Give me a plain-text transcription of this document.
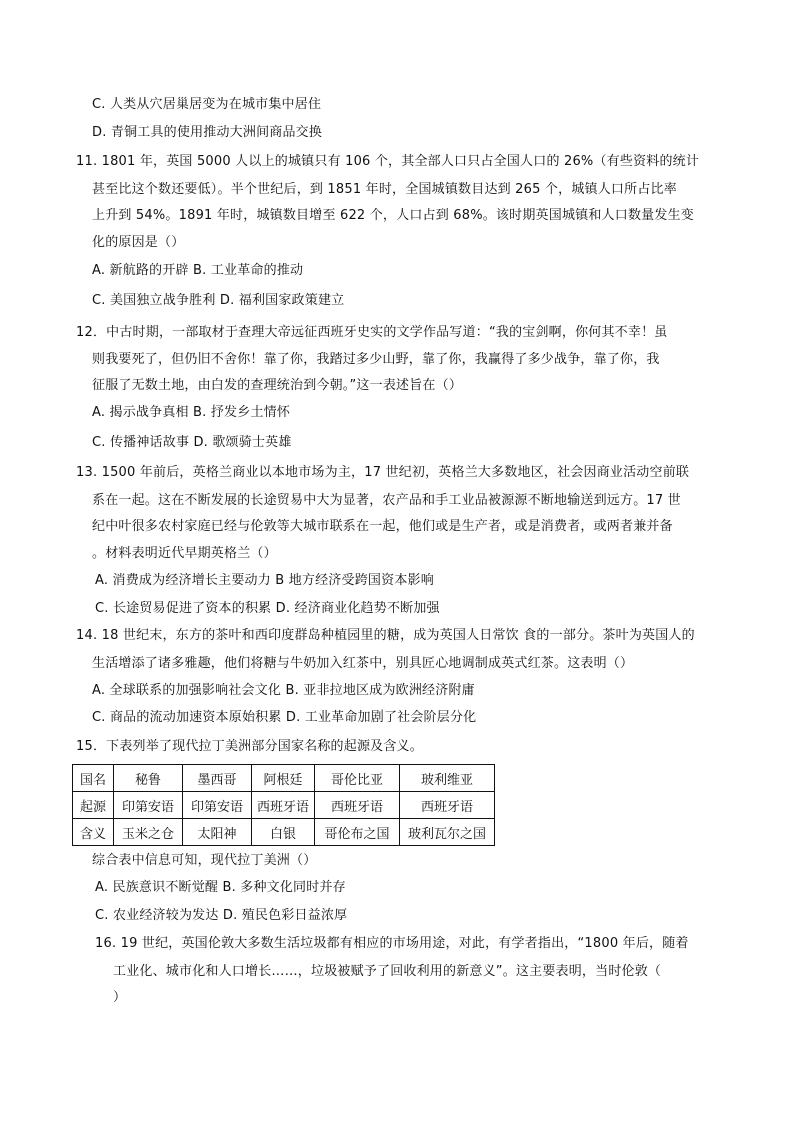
C. 人类从穴居巢居变为在城市集中居住
D. 青铜工具的使用推动大洲间商品交换
11. 1801 年，英国 5000 人以上的城镇只有 106 个，其全部人口只占全国人口的 26%（有些资料的统计
甚至比这个数还要低）。半个世纪后，到 1851 年时，全国城镇数目达到 265 个，城镇人口所占比率
上升到 54%。1891 年时，城镇数目增至 622 个，人口占到 68%。该时期英国城镇和人口数量发生变
化的原因是（）
A. 新航路的开辟 B. 工业革命的推动
C. 美国独立战争胜利 D. 福利国家政策建立
12．中古时期，一部取材于查理大帝远征西班牙史实的文学作品写道：“我的宝剑啊，你何其不幸！虽
则我要死了，但仍旧不舍你！靠了你，我踏过多少山野，靠了你，我赢得了多少战争，靠了你，我
征服了无数土地，由白发的查理统治到今朝。”这一表述旨在（）
A. 揭示战争真相 B. 抒发乡土情怀
C. 传播神话故事 D. 歌颂骑士英雄
13. 1500 年前后，英格兰商业以本地市场为主，17 世纪初，英格兰大多数地区，社会因商业活动空前联
系在一起。这在不断发展的长途贸易中大为显著，农产品和手工业品被源源不断地输送到远方。17 世
纪中叶很多农村家庭已经与伦敦等大城市联系在一起，他们或是生产者，或是消费者，或两者兼并备
。材料表明近代早期英格兰（）
A. 消费成为经济增长主要动力 B 地方经济受跨国资本影响
C. 长途贸易促进了资本的积累 D. 经济商业化趋势不断加强
14. 18 世纪末，东方的茶叶和西印度群岛种植园里的糖，成为英国人日常饮 食的一部分。茶叶为英国人的
生活增添了诸多雅趣，他们将糖与牛奶加入红茶中，别具匠心地调制成英式红茶。这表明（）
A. 全球联系的加强影响社会文化 B. 亚非拉地区成为欧洲经济附庸
C. 商品的流动加速资本原始积累 D. 工业革命加剧了社会阶层分化
15．下表列举了现代拉丁美洲部分国家名称的起源及含义。
国名	秘鲁	墨西哥	阿根廷	哥伦比亚	玻利维亚
起源	印第安语	印第安语	西班牙语	西班牙语	西班牙语
含义	玉米之仓	太阳神	白银	哥伦布之国	玻利瓦尔之国
综合表中信息可知，现代拉丁美洲（）
A. 民族意识不断觉醒 B. 多种文化同时并存
C. 农业经济较为发达 D. 殖民色彩日益浓厚
16. 19 世纪，英国伦敦大多数生活垃圾都有相应的市场用途，对此，有学者指出，“1800 年后，随着
工业化、城市化和人口增长……，垃圾被赋予了回收利用的新意义”。这主要表明，当时伦敦（
）
